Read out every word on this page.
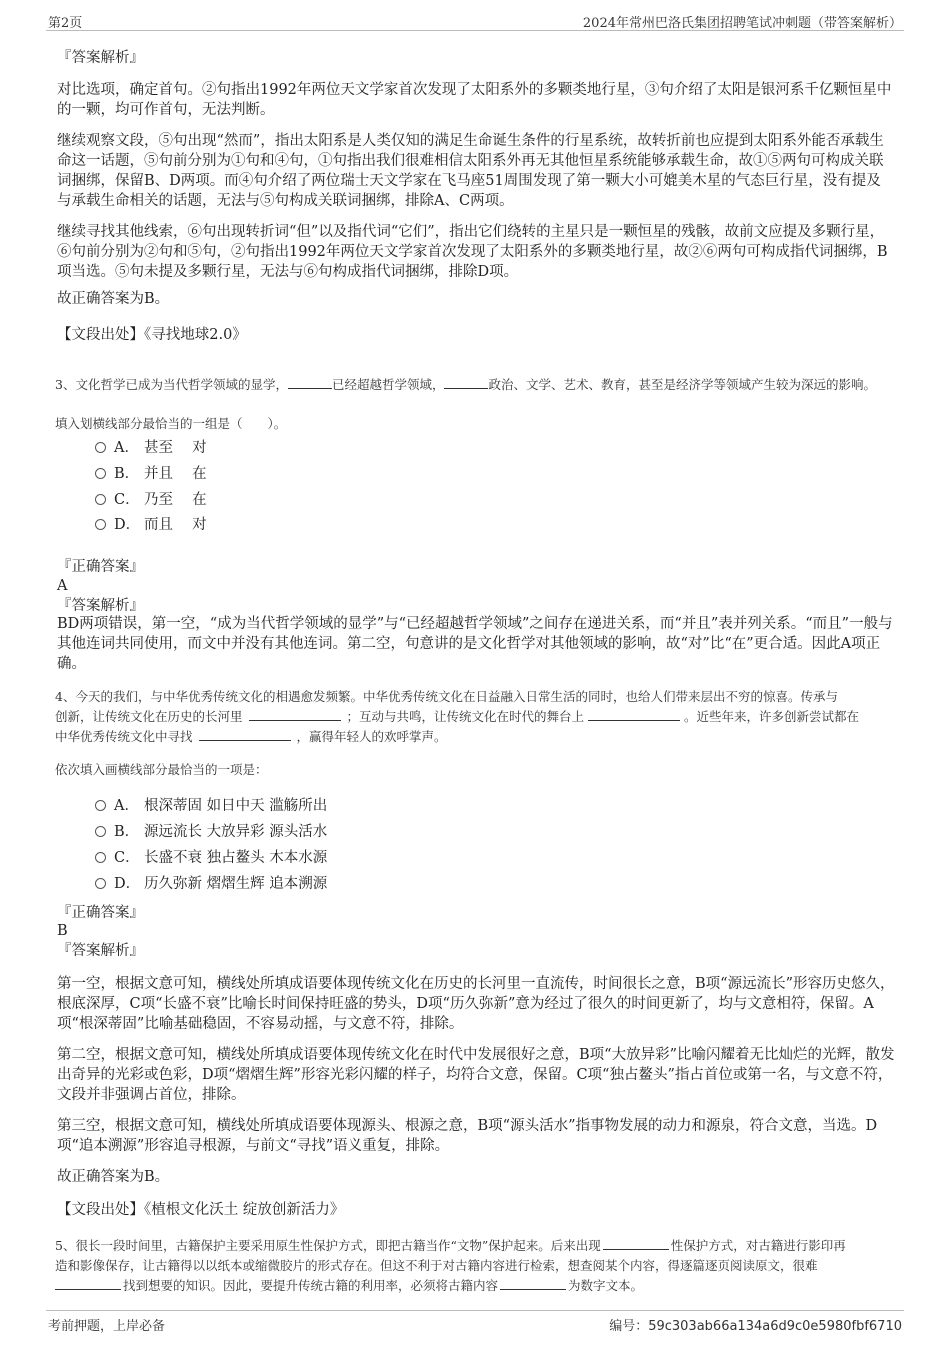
第2页	2024年常州巴洛氏集团招聘笔试冲刺题（带答案解析）
『答案解析』

对比选项，确定首句。②句指出1992年两位天文学家首次发现了太阳系外的多颗类地行星，③句介绍了太阳是银河系千亿颗恒星中的一颗，均可作首句，无法判断。

继续观察文段，⑤句出现“然而”，指出太阳系是人类仅知的满足生命诞生条件的行星系统，故转折前也应提到太阳系外能否承载生命这一话题，⑤句前分别为①句和④句，①句指出我们很难相信太阳系外再无其他恒星系统能够承载生命，故①⑤两句可构成关联词捆绑，保留B、D两项。而④句介绍了两位瑞士天文学家在飞马座51周围发现了第一颗大小可媲美木星的气态巨行星，没有提及与承载生命相关的话题，无法与⑤句构成关联词捆绑，排除A、C两项。

继续寻找其他线索，⑥句出现转折词“但”以及指代词“它们”，指出它们绕转的主星只是一颗恒星的残骸，故前文应提及多颗行星，⑥句前分别为②句和⑤句，②句指出1992年两位天文学家首次发现了太阳系外的多颗类地行星，故②⑥两句可构成指代词捆绑，B项当选。⑤句未提及多颗行星，无法与⑥句构成指代词捆绑，排除D项。

故正确答案为B。

【文段出处】《寻找地球2.0》

3、文化哲学已成为当代哲学领域的显学，	已经超越哲学领域，	政治、文学、艺术、教育，甚至是经济学等领域产生较为深远的影响。

填入划横线部分最恰当的一组是（　　）。

A． 甚至　 对
B． 并且　 在
C． 乃至　 在
D． 而且　 对
『正确答案』
A
『答案解析』

BD两项错误，第一空，“成为当代哲学领域的显学”与“已经超越哲学领域”之间存在递进关系，而“并且”表并列关系。“而且”一般与其他连词共同使用，而文中并没有其他连词。第二空，句意讲的是文化哲学对其他领域的影响，故“对”比“在”更合适。因此A项正确。

4、今天的我们，与中华优秀传统文化的相遇愈发频繁。中华优秀传统文化在日益融入日常生活的同时，也给人们带来层出不穷的惊喜。传承与

创新，让传统文化在历史的长河里	；互动与共鸣，让传统文化在时代的舞台上	。近些年来，许多创新尝试都在

中华优秀传统文化中寻找	，赢得年轻人的欢呼掌声。

依次填入画横线部分最恰当的一项是：

A． 根深蒂固 如日中天 滥觞所出
B． 源远流长 大放异彩 源头活水
C． 长盛不衰 独占鳌头 木本水源
D． 历久弥新 熠熠生辉 追本溯源
『正确答案』
B
『答案解析』

第一空，根据文意可知，横线处所填成语要体现传统文化在历史的长河里一直流传，时间很长之意，B项“源远流长”形容历史悠久，根底深厚，C项“长盛不衰”比喻长时间保持旺盛的势头，D项“历久弥新”意为经过了很久的时间更新了，均与文意相符，保留。A项“根深蒂固”比喻基础稳固，不容易动摇，与文意不符，排除。

第二空，根据文意可知，横线处所填成语要体现传统文化在时代中发展很好之意，B项“大放异彩”比喻闪耀着无比灿烂的光辉，散发出奇异的光彩或色彩，D项“熠熠生辉”形容光彩闪耀的样子，均符合文意，保留。C项“独占鳌头”指占首位或第一名，与文意不符，文段并非强调占首位，排除。

第三空，根据文意可知，横线处所填成语要体现源头、根源之意，B项“源头活水”指事物发展的动力和源泉，符合文意，当选。D项“追本溯源”形容追寻根源，与前文“寻找”语义重复，排除。

故正确答案为B。

【文段出处】《植根文化沃土 绽放创新活力》

5、很长一段时间里，古籍保护主要采用原生性保护方式，即把古籍当作“文物”保护起来。后来出现	性保护方式，对古籍进行影印再

造和影像保存，让古籍得以以纸本或缩微胶片的形式存在。但这不利于对古籍内容进行检索，想查阅某个内容，得逐篇逐页阅读原文，很难

找到想要的知识。因此，要提升传统古籍的利用率，必须将古籍内容	为数字文本。

考前押题，上岸必备	编号：59c303ab66a134a6d9c0e5980fbf6710
